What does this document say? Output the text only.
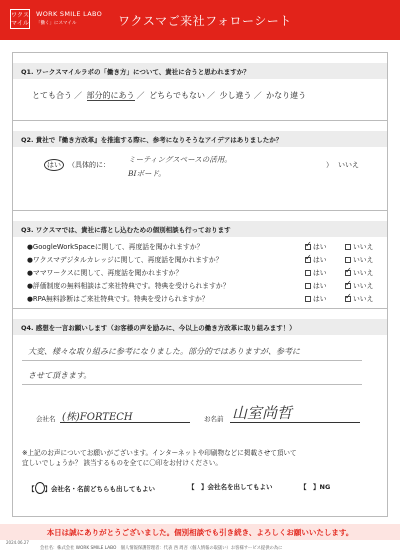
ワクス マイル
WORK SMILE LABO
「働く」にスマイル	ワクスマご来社フォローシート
Q1. ワークスマイルラボの「働き方」について、貴社に合うと思われますか？
Q2. 貴社で『働き方改革』を推進する際に、参考になりそうなアイデアはありましたか？
Q3. ワクスマでは、貴社に落とし込むための個別相談も行っております
●GoogleWorkSpaceに関して、再度話を聞かれますか？ ✓	はい	いいえ
●ワクスマデジタルカレッジに関して、再度話を聞かれますか？ ✓	はい	いいえ
●ママワークスに関して、再度話を聞かれますか？	はい ✓	いいえ
●評価制度の無料相談はご来社特典です。特典を受けられますか？	はい ✓	いいえ
●RPA無料診断はご来社特典です。特典を受けられますか？	はい ✓	いいえ
Q4. 感想を一言お願いします（お客様の声を励みに、今以上の働き方改革に取り組みます！）
とても合う ／ 部分的にあう ／ どちらでもない ／ 少し違う ／ かなり違う
はい	（具体的に：
ミーティングスペースの活用。
BIボード。
） いいえ
大変、様々な取り組みに参考になりました。部分的ではありますが、参考に
させて頂きます。
会社名 (株)FORTECH	お名前 山室尚哲
※上記のお声についてお願いがございます。インターネットや印刷物などに掲載させて頂いて
宜しいでしょうか？ 該当するものを全てに〇印をお付けください。
【○】会社名・名前どちらも出してもよい	【　】会社名を出してもよい	【　】NG
本日は誠にありがとうございました。個別相談でも引き続き、よろしくお願いいたします。
2024.06.27
会社名：株式会社 WORK SMILE LABO　個人情報保護管理者：代表 西 周吾（個人情報の取扱い）お客様サービス提供の為に
